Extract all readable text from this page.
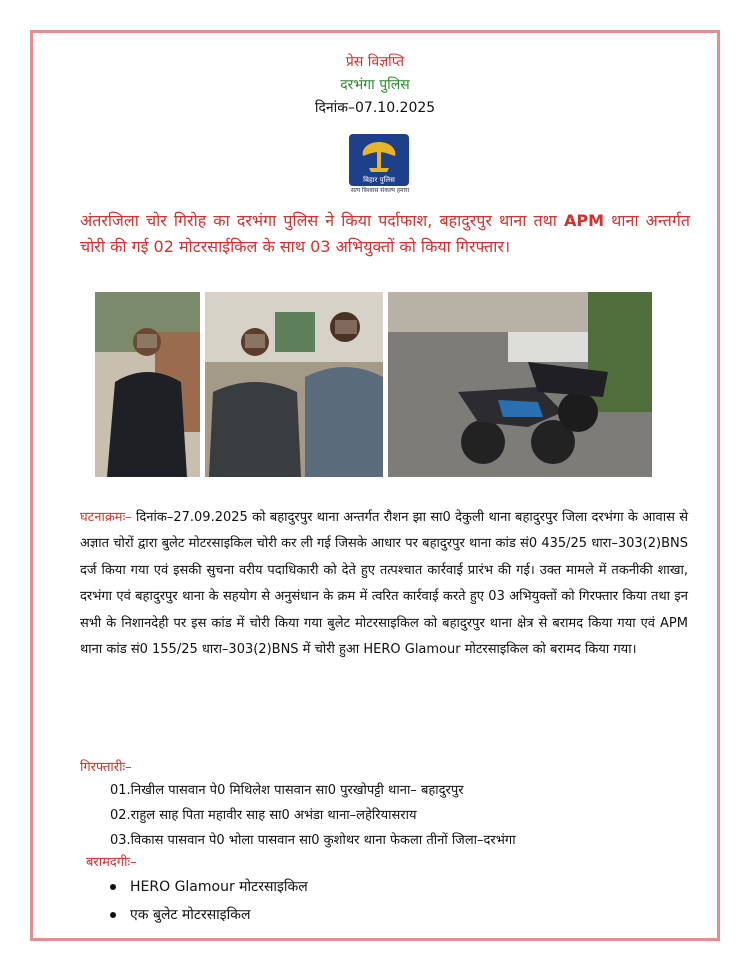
प्रेस विज्ञप्ति
दरभंगा पुलिस
दिनांक–07.10.2025
बिहार पुलिस
सत्य विश्वास संकल्प हमारा
अंतरजिला चोर गिरोह का दरभंगा पुलिस ने किया पर्दाफाश, बहादुरपुर थाना तथा APM थाना अन्तर्गत चोरी की गई 02 मोटरसाईकिल के साथ 03 अभियुक्तों को किया गिरफ्तार।
घटनाक्रमः– दिनांक–27.09.2025 को बहादुरपुर थाना अन्तर्गत रौशन झा सा0 देकुली थाना बहादुरपुर जिला दरभंगा के आवास से अज्ञात चोरों द्वारा बुलेट मोटरसाइकिल चोरी कर ली गई जिसके आधार पर बहादुरपुर थाना कांड सं0 435/25 धारा–303(2)BNS दर्ज किया गया एवं इसकी सुचना वरीय पदाधिकारी को देते हुए तत्पश्चात कार्रवाई प्रारंभ की गई। उक्त मामले में तकनीकी शाखा, दरभंगा एवं बहादुरपुर थाना के सहयोग से अनुसंधान के क्रम में त्वरित कार्रवाई करते हुए 03 अभियुक्तों को गिरफ्तार किया तथा इन सभी के निशानदेही पर इस कांड में चोरी किया गया बुलेट मोटरसाइकिल को बहादुरपुर थाना क्षेत्र से बरामद किया गया एवं APM थाना कांड सं0 155/25 धारा–303(2)BNS में चोरी हुआ HERO Glamour मोटरसाइकिल को बरामद किया गया।
गिरफ्तारीः–
01.निखील पासवान पे0 मिथिलेश पासवान सा0 पुरखोपट्टी थाना– बहादुरपुर
02.राहुल साह पिता महावीर साह सा0 अभंडा थाना–लहेरियासराय
03.विकास पासवान पे0 भोला पासवान सा0 कुशोथर थाना फेकला तीनों जिला–दरभंगा
बरामदगीः–
HERO Glamour मोटरसाइकिल
एक बुलेट मोटरसाइकिल
